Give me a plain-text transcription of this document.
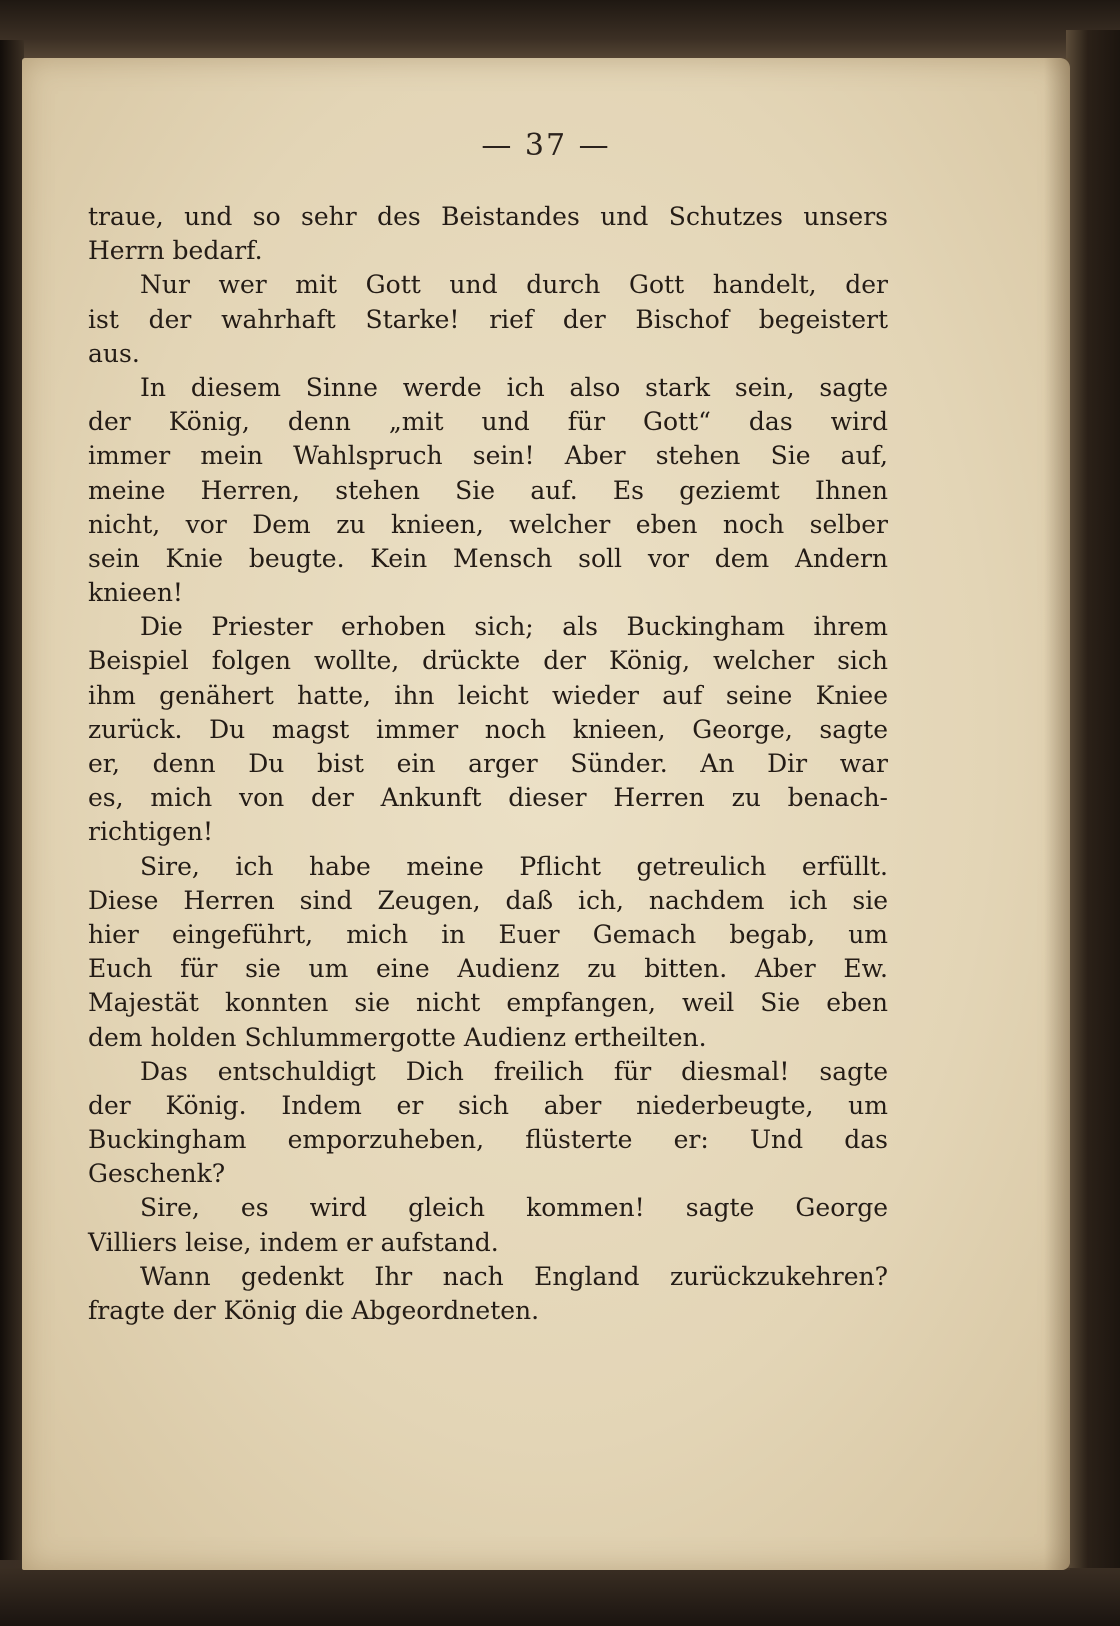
— 37 —
traue, und so sehr des Beistandes und Schutzes unsers
Herrn bedarf.
Nur wer mit Gott und durch Gott handelt, der
ist der wahrhaft Starke! rief der Bischof begeistert
aus.
In diesem Sinne werde ich also stark sein, sagte
der König, denn „mit und für Gott“ das wird
immer mein Wahlspruch sein! Aber stehen Sie auf,
meine Herren, stehen Sie auf. Es geziemt Ihnen
nicht, vor Dem zu knieen, welcher eben noch selber
sein Knie beugte. Kein Mensch soll vor dem Andern
knieen!
Die Priester erhoben sich; als Buckingham ihrem
Beispiel folgen wollte, drückte der König, welcher sich
ihm genähert hatte, ihn leicht wieder auf seine Kniee
zurück. Du magst immer noch knieen, George, sagte
er, denn Du bist ein arger Sünder. An Dir war
es, mich von der Ankunft dieser Herren zu benach-
richtigen!
Sire, ich habe meine Pflicht getreulich erfüllt.
Diese Herren sind Zeugen, daß ich, nachdem ich sie
hier eingeführt, mich in Euer Gemach begab, um
Euch für sie um eine Audienz zu bitten. Aber Ew.
Majestät konnten sie nicht empfangen, weil Sie eben
dem holden Schlummergotte Audienz ertheilten.
Das entschuldigt Dich freilich für diesmal! sagte
der König. Indem er sich aber niederbeugte, um
Buckingham emporzuheben, flüsterte er: Und das
Geschenk?
Sire, es wird gleich kommen! sagte George
Villiers leise, indem er aufstand.
Wann gedenkt Ihr nach England zurückzukehren?
fragte der König die Abgeordneten.
